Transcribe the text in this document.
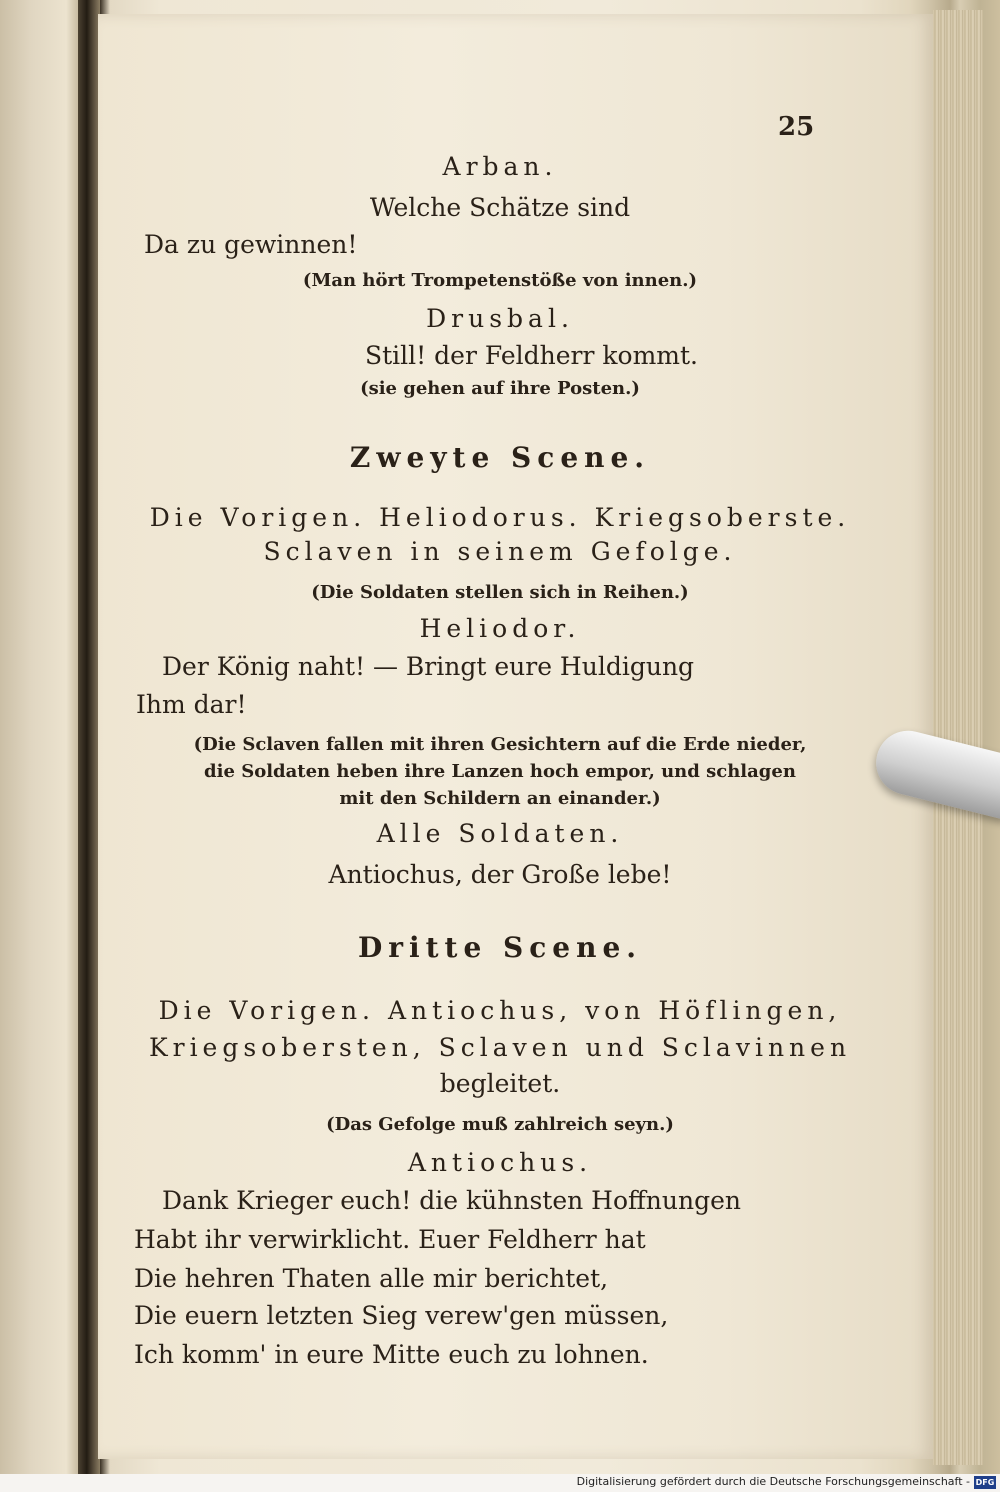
25
Arban.
Welche Schätze sind
Da zu gewinnen!
(Man hört Trompetenstöße von innen.)
Drusbal.
Still! der Feldherr kommt.
(sie gehen auf ihre Posten.)
Zweyte Scene.
Die Vorigen. Heliodorus. Kriegsoberste.
Sclaven in seinem Gefolge.
(Die Soldaten stellen sich in Reihen.)
Heliodor.
Der König naht! — Bringt eure Huldigung
Ihm dar!
(Die Sclaven fallen mit ihren Gesichtern auf die Erde nieder,
die Soldaten heben ihre Lanzen hoch empor, und schlagen
mit den Schildern an einander.)
Alle Soldaten.
Antiochus, der Große lebe!
Dritte Scene.
Die Vorigen. Antiochus, von Höflingen,
Kriegsobersten, Sclaven und Sclavinnen
begleitet.
(Das Gefolge muß zahlreich seyn.)
Antiochus.
Dank Krieger euch! die kühnsten Hoffnungen
Habt ihr verwirklicht. Euer Feldherr hat
Die hehren Thaten alle mir berichtet,
Die euern letzten Sieg verew'gen müssen,
Ich komm' in eure Mitte euch zu lohnen.
Digitalisierung gefördert durch die Deutsche Forschungsgemeinschaft - DFG
